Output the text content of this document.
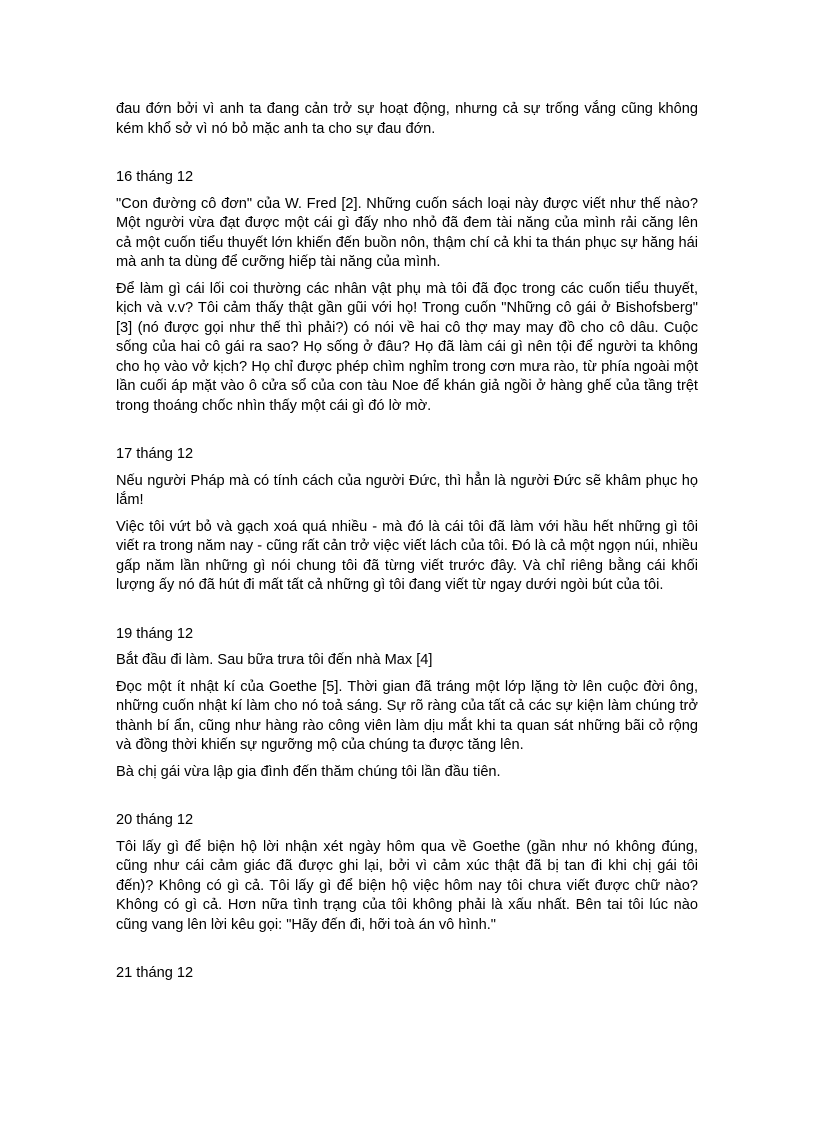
đau đớn bởi vì anh ta đang cản trở sự hoạt động, nhưng cả sự trống vắng cũng không kém khổ sở vì nó bỏ mặc anh ta cho sự đau đớn.

16 tháng 12

"Con đường cô đơn" của W. Fred [2]. Những cuốn sách loại này được viết như thế nào? Một người vừa đạt được một cái gì đấy nho nhỏ đã đem tài năng của mình rải căng lên cả một cuốn tiểu thuyết lớn khiến đến buồn nôn, thậm chí cả khi ta thán phục sự hăng hái mà anh ta dùng để cưỡng hiếp tài năng của mình.

Để làm gì cái lối coi thường các nhân vật phụ mà tôi đã đọc trong các cuốn tiểu thuyết, kịch và v.v? Tôi cảm thấy thật gần gũi với họ! Trong cuốn "Những cô gái ở Bishofsberg" [3] (nó được gọi như thế thì phải?) có nói về hai cô thợ may may đồ cho cô dâu. Cuộc sống của hai cô gái ra sao? Họ sống ở đâu? Họ đã làm cái gì nên tội để người ta không cho họ vào vở kịch? Họ chỉ được phép chìm nghỉm trong cơn mưa rào, từ phía ngoài một lần cuối áp mặt vào ô cửa sổ của con tàu Noe để khán giả ngồi ở hàng ghế của tầng trệt trong thoáng chốc nhìn thấy một cái gì đó lờ mờ.

17 tháng 12

Nếu người Pháp mà có tính cách của người Đức, thì hẳn là người Đức sẽ khâm phục họ lắm!

Việc tôi vứt bỏ và gạch xoá quá nhiều - mà đó là cái tôi đã làm với hầu hết những gì tôi viết ra trong năm nay - cũng rất cản trở việc viết lách của tôi. Đó là cả một ngọn núi, nhiều gấp năm lần những gì nói chung tôi đã từng viết trước đây. Và chỉ riêng bằng cái khối lượng ấy nó đã hút đi mất tất cả những gì tôi đang viết từ ngay dưới ngòi bút của tôi.

19 tháng 12

Bắt đầu đi làm. Sau bữa trưa tôi đến nhà Max [4]

Đọc một ít nhật kí của Goethe [5]. Thời gian đã tráng một lớp lặng tờ lên cuộc đời ông, những cuốn nhật kí làm cho nó toả sáng. Sự rõ ràng của tất cả các sự kiện làm chúng trở thành bí ẩn, cũng như hàng rào công viên làm dịu mắt khi ta quan sát những bãi cỏ rộng và đồng thời khiến sự ngưỡng mộ của chúng ta được tăng lên.

Bà chị gái vừa lập gia đình đến thăm chúng tôi lần đầu tiên.

20 tháng 12

Tôi lấy gì để biện hộ lời nhận xét ngày hôm qua về Goethe (gần như nó không đúng, cũng như cái cảm giác đã được ghi lại, bởi vì cảm xúc thật đã bị tan đi khi chị gái tôi đến)? Không có gì cả. Tôi lấy gì để biện hộ việc hôm nay tôi chưa viết được chữ nào? Không có gì cả. Hơn nữa tình trạng của tôi không phải là xấu nhất. Bên tai tôi lúc nào cũng vang lên lời kêu gọi: "Hãy đến đi, hỡi toà án vô hình."

21 tháng 12
